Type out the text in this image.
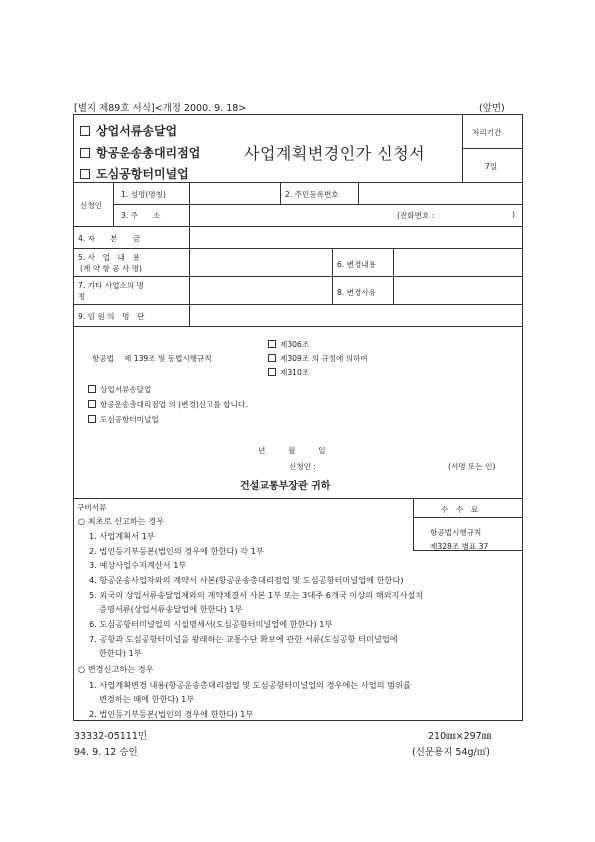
[별지 제89호 서식]<개정 2000. 9. 18>	(앞면)
상업서류송달업
항공운송총대리점업
도심공항터미널업
사업계획변경인가 신청서
처리기간
7일
신청인
1. 성명(명칭)	2. 주민등록번호
3. 주　　소	(전화번호 :	)
4. 자　　본　　금
5. 사　업　내　용
(계 약 항 공 사 명)	6. 변경내용
7. 기타 사업소의 명
칭	8. 변경사유
9. 임 원 의　명　단
제306조
항공법　 제 139조 및 동법시행규칙	제309조 의 규정에 의하여
제310조
상업서류송달업
항공운송총대리점업 의 (변경)신고를 합니다.
도심공항터미널업
년　　　월　　　일
신청인 :	(서명 또는 인)
건설교통부장관 귀하
구비서류	수　수　료
항공법시행규칙
제328조 별표 37
○ 최초로 신고하는 경우
1. 사업계획서 1부
2. 법인등기부등본(법인의 경우에 한한다) 각 1부
3. 예상사업수지계산서 1부
4. 항공운송사업자와의 계약서 사본(항공운송총대리점업 및 도심공항터미널업에 한한다)
5. 외국의 상업서류송달업체와의 계약체결서 사본 1부 또는 3대주 6개국 이상의 해외지사설치
증명서류(상업서류송달업에 한한다) 1부
6. 도심공항터미널업의 시설명세서(도심공항터미널업에 한한다) 1부
7. 공항과 도심공항터미널을 왕래하는 교통수단 확보에 관한 서류(도심공항 터미널업에
한한다) 1부
○ 변경신고하는 경우
1. 사업계획변경 내용(항공운송총대리점업 및 도심공항터미널업의 경우에는 사업의 범위를
변경하는 때에 한한다) 1부
2. 법인등기부등본(법인의 경우에 한한다) 1부
33332-05111민
94. 9. 12 승인
210㎜×297㎜
(신문용지 54g/㎡)
